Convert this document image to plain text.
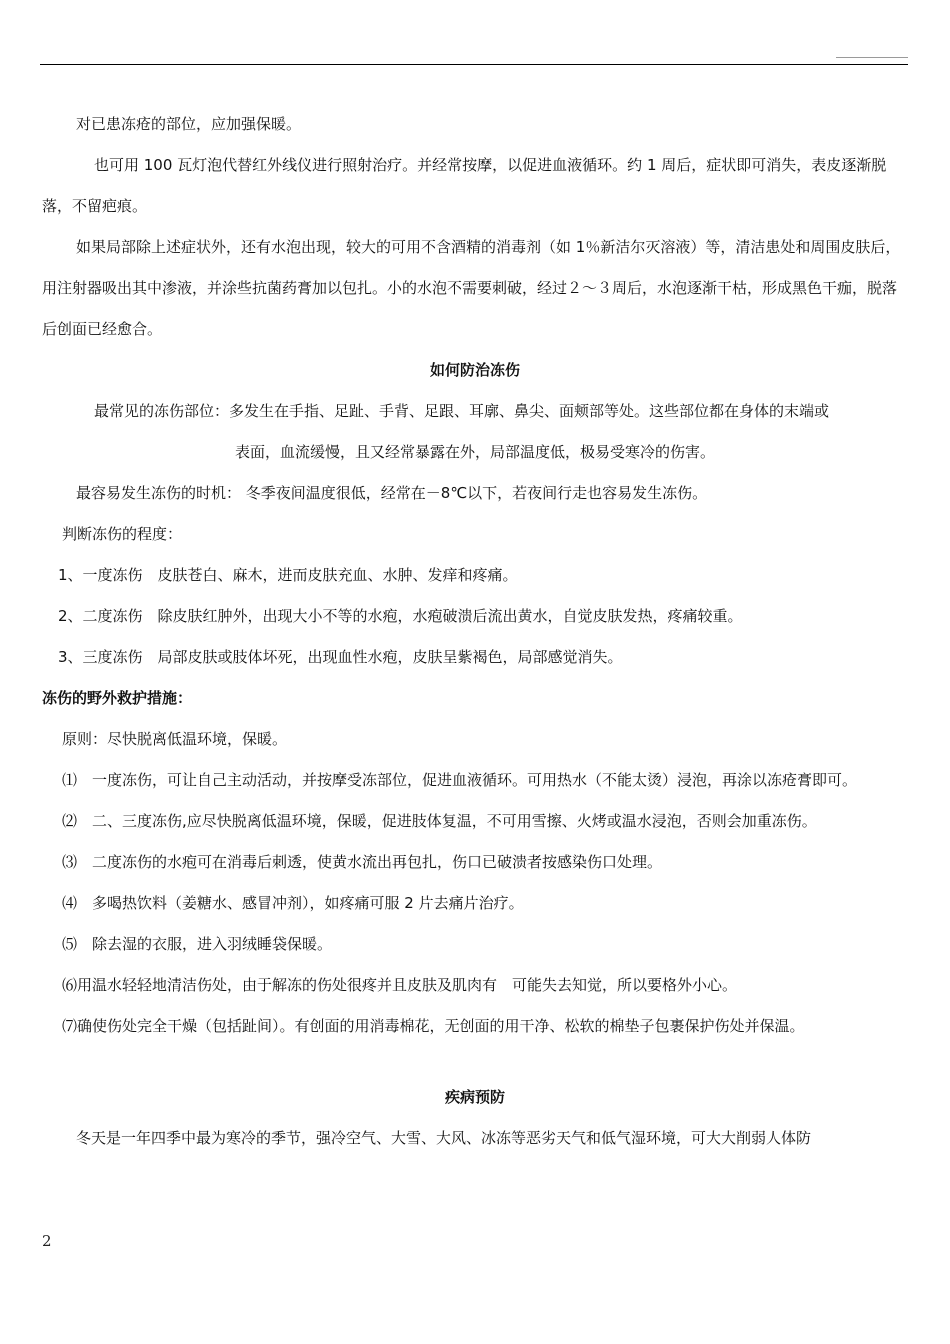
对已患冻疮的部位，应加强保暖。

也可用 100 瓦灯泡代替红外线仪进行照射治疗。并经常按摩，以促进血液循环。约 1 周后，症状即可消失，表皮逐渐脱落，不留疤痕。

如果局部除上述症状外，还有水泡出现，较大的可用不含酒精的消毒剂（如 1％新洁尔灭溶液）等，清洁患处和周围皮肤后，用注射器吸出其中渗液，并涂些抗菌药膏加以包扎。小的水泡不需要刺破，经过２～３周后，水泡逐渐干枯，形成黑色干痂，脱落后创面已经愈合。

如何防治冻伤

最常见的冻伤部位：多发生在手指、足趾、手背、足跟、耳廓、鼻尖、面颊部等处。这些部位都在身体的末端或

表面，血流缓慢，且又经常暴露在外，局部温度低，极易受寒冷的伤害。

最容易发生冻伤的时机： 冬季夜间温度很低，经常在－8℃以下，若夜间行走也容易发生冻伤。

判断冻伤的程度：

1、一度冻伤　皮肤苍白、麻木，进而皮肤充血、水肿、发痒和疼痛。

2、二度冻伤　除皮肤红肿外，出现大小不等的水疱，水疱破溃后流出黄水，自觉皮肤发热，疼痛较重。

3、三度冻伤　局部皮肤或肢体坏死，出现血性水疱，皮肤呈紫褐色，局部感觉消失。

冻伤的野外救护措施：

原则：尽快脱离低温环境，保暖。

⑴　一度冻伤，可让自己主动活动，并按摩受冻部位，促进血液循环。可用热水（不能太烫）浸泡，再涂以冻疮膏即可。

⑵　二、三度冻伤,应尽快脱离低温环境，保暖，促进肢体复温，不可用雪擦、火烤或温水浸泡，否则会加重冻伤。

⑶　二度冻伤的水疱可在消毒后刺透，使黄水流出再包扎，伤口已破溃者按感染伤口处理。

⑷　多喝热饮料（姜糖水、感冒冲剂），如疼痛可服 2 片去痛片治疗。

⑸　除去湿的衣服，进入羽绒睡袋保暖。

⑹用温水轻轻地清洁伤处，由于解冻的伤处很疼并且皮肤及肌肉有　可能失去知觉，所以要格外小心。

⑺确使伤处完全干燥（包括趾间）。有创面的用消毒棉花，无创面的用干净、松软的棉垫子包裹保护伤处并保温。

疾病预防

冬天是一年四季中最为寒冷的季节，强冷空气、大雪、大风、冰冻等恶劣天气和低气湿环境，可大大削弱人体防

2
